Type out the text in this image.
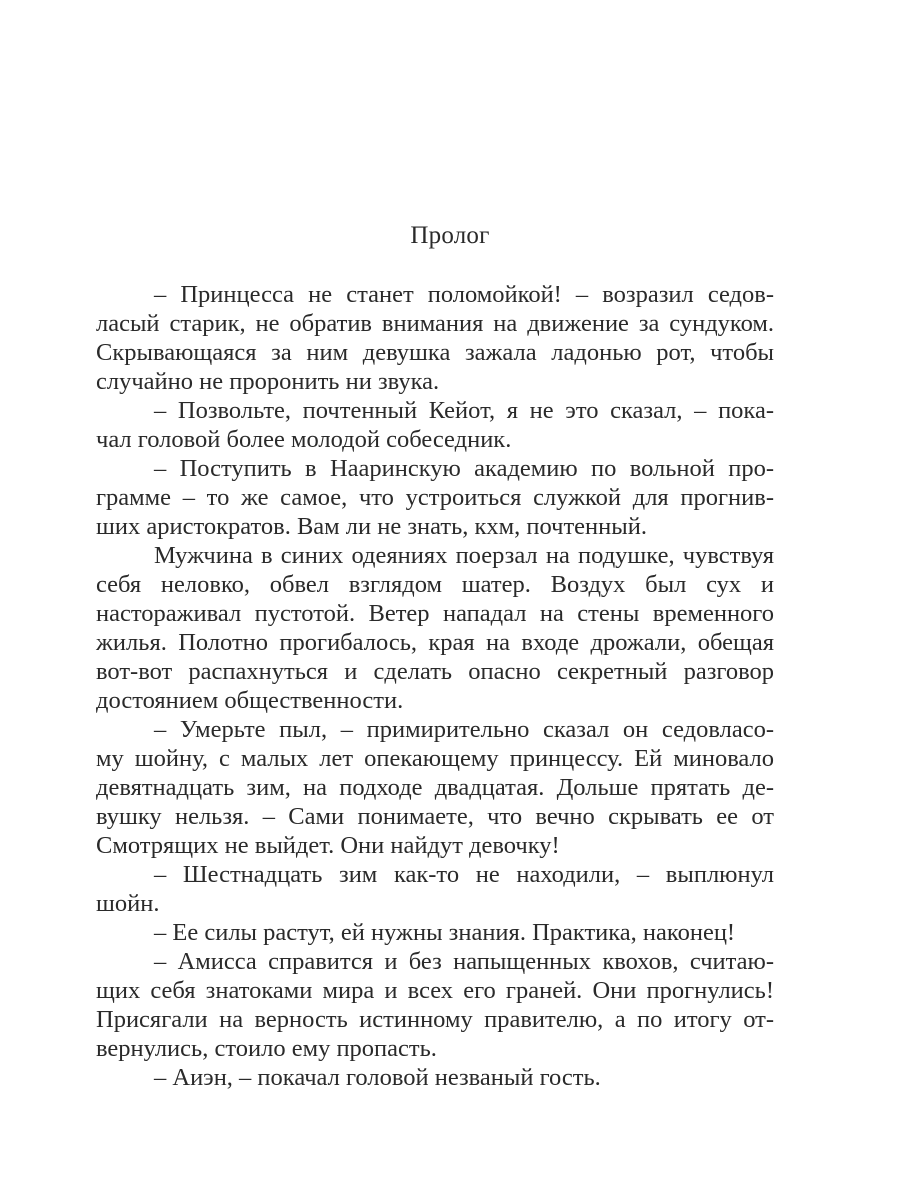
Пролог
– Принцесса не станет поломойкой! – возразил седов-
ласый старик, не обратив внимания на движение за сундуком.
Скрывающаяся за ним девушка зажала ладонью рот, чтобы
случайно не проронить ни звука.
– Позвольте, почтенный Кейот, я не это сказал, – пока-
чал головой более молодой собеседник.
– Поступить в Нааринскую академию по вольной про-
грамме – то же самое, что устроиться служкой для прогнив-
ших аристократов. Вам ли не знать, кхм, почтенный.
Мужчина в синих одеяниях поерзал на подушке, чувствуя
себя неловко, обвел взглядом шатер. Воздух был сух и
настораживал пустотой. Ветер нападал на стены временного
жилья. Полотно прогибалось, края на входе дрожали, обещая
вот-вот распахнуться и сделать опасно секретный разговор
достоянием общественности.
– Умерьте пыл, – примирительно сказал он седовласо-
му шойну, с малых лет опекающему принцессу. Ей миновало
девятнадцать зим, на подходе двадцатая. Дольше прятать де-
вушку нельзя. – Сами понимаете, что вечно скрывать ее от
Смотрящих не выйдет. Они найдут девочку!
– Шестнадцать зим как-то не находили, – выплюнул
шойн.
– Ее силы растут, ей нужны знания. Практика, наконец!
– Амисса справится и без напыщенных квохов, считаю-
щих себя знатоками мира и всех его граней. Они прогнулись!
Присягали на верность истинному правителю, а по итогу от-
вернулись, стоило ему пропасть.
– Аиэн, – покачал головой незваный гость.
